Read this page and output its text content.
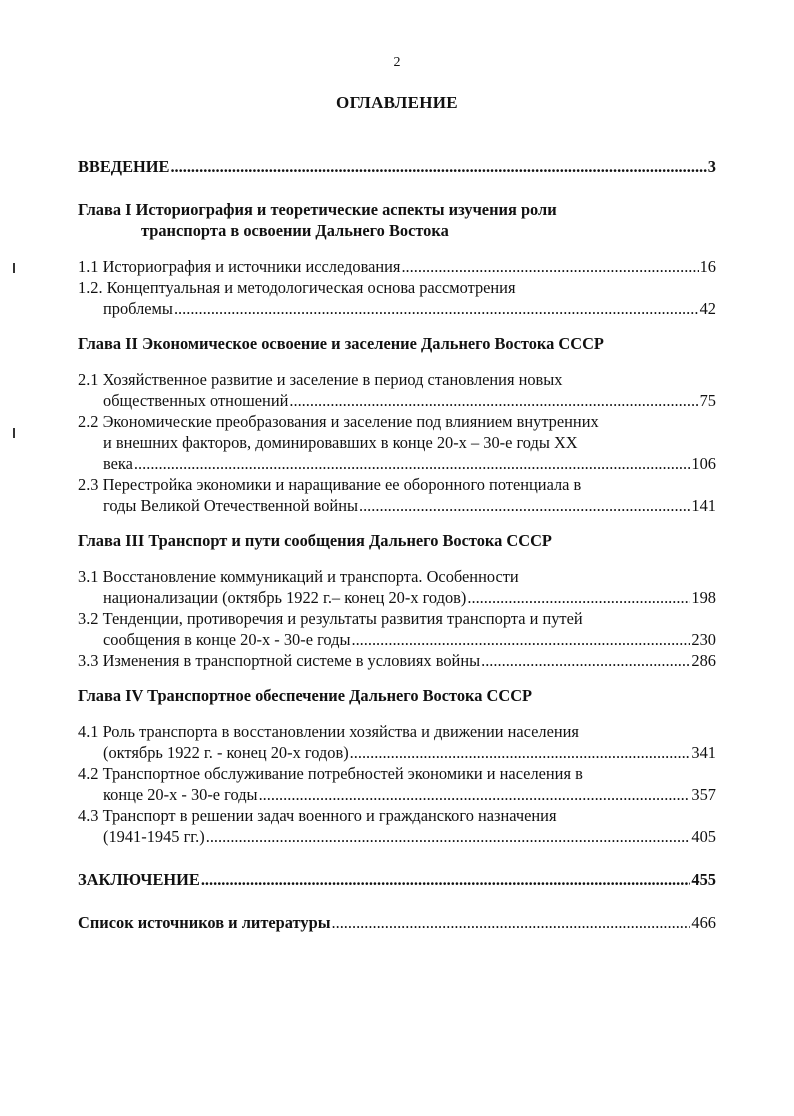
2
ОГЛАВЛЕНИЕ
ВВЕДЕНИЕ .....	3
Глава I Историография и теоретические аспекты изучения роли
транспорта в освоении Дальнего Востока
1.1 Историография и источники исследования .....	16
1.2. Концептуальная и методологическая основа рассмотрения
проблемы .....	42
Глава II Экономическое освоение и заселение Дальнего Востока СССР
2.1 Хозяйственное развитие и заселение в период становления новых
общественных отношений .....	75
2.2 Экономические преобразования и заселение под влиянием внутренних
и внешних факторов, доминировавших в конце 20-х – 30-е годы XX
века .....	106
2.3 Перестройка экономики и наращивание ее оборонного потенциала в
годы Великой Отечественной войны .....	141
Глава III Транспорт и пути сообщения Дальнего Востока СССР
3.1 Восстановление коммуникаций и транспорта. Особенности
национализации (октябрь 1922 г.– конец 20-х годов) .....	198
3.2 Тенденции, противоречия и результаты развития транспорта и путей
сообщения в конце 20-х - 30-е годы .....	230
3.3 Изменения в транспортной системе в условиях войны .....	286
Глава IV Транспортное обеспечение Дальнего Востока СССР
4.1 Роль транспорта в восстановлении хозяйства и движении населения
(октябрь 1922 г. - конец 20-х годов) .....	341
4.2 Транспортное обслуживание потребностей экономики и населения в
конце 20-х - 30-е годы .....	357
4.3 Транспорт в решении задач военного и гражданского назначения
(1941-1945 гг.) .....	405
ЗАКЛЮЧЕНИЕ .....	455
Список источников и литературы .....	466
